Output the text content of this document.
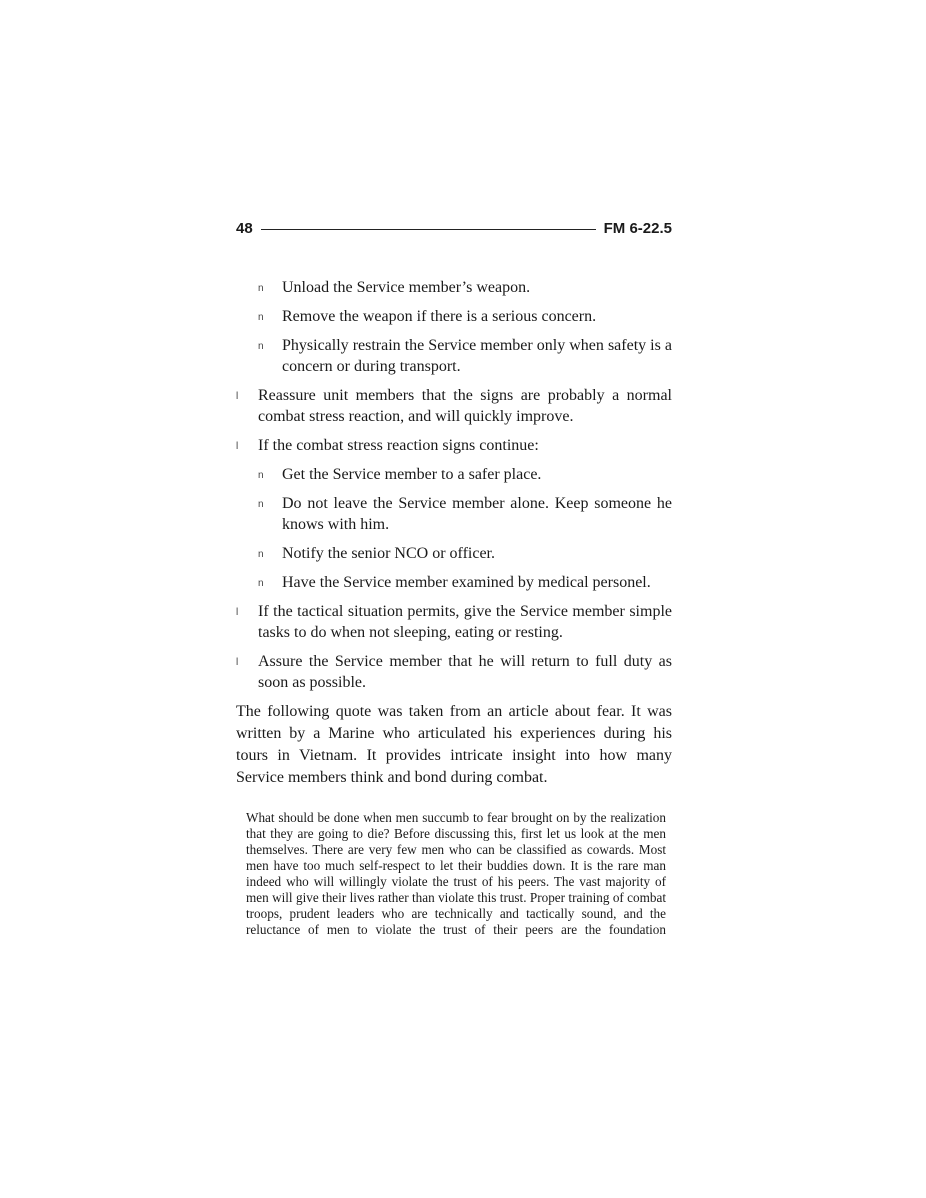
48	FM 6-22.5
n Unload the Service member’s weapon.
n Remove the weapon if there is a serious concern.
n Physically restrain the Service member only when safety is a concern or during transport.
l Reassure unit members that the signs are probably a normal combat stress reaction, and will quickly improve.
l If the combat stress reaction signs continue:
n Get the Service member to a safer place.
n Do not leave the Service member alone. Keep someone he knows with him.
n Notify the senior NCO or officer.
n Have the Service member examined by medical personel.
l If the tactical situation permits, give the Service member simple tasks to do when not sleeping, eating or resting.
l Assure the Service member that he will return to full duty as soon as possible.

The following quote was taken from an article about fear. It was written by a Marine who articulated his experiences during his tours in Vietnam. It provides intricate insight into how many Service members think and bond during combat.

What should be done when men succumb to fear brought on by the realization that they are going to die? Before discussing this, first let us look at the men themselves. There are very few men who can be classified as cowards. Most men have too much self-respect to let their buddies down. It is the rare man indeed who will willingly violate the trust of his peers. The vast majority of men will give their lives rather than violate this trust. Proper training of combat troops, prudent leaders who are technically and tactically sound, and the reluctance of men to violate the trust of their peers are the foundation
